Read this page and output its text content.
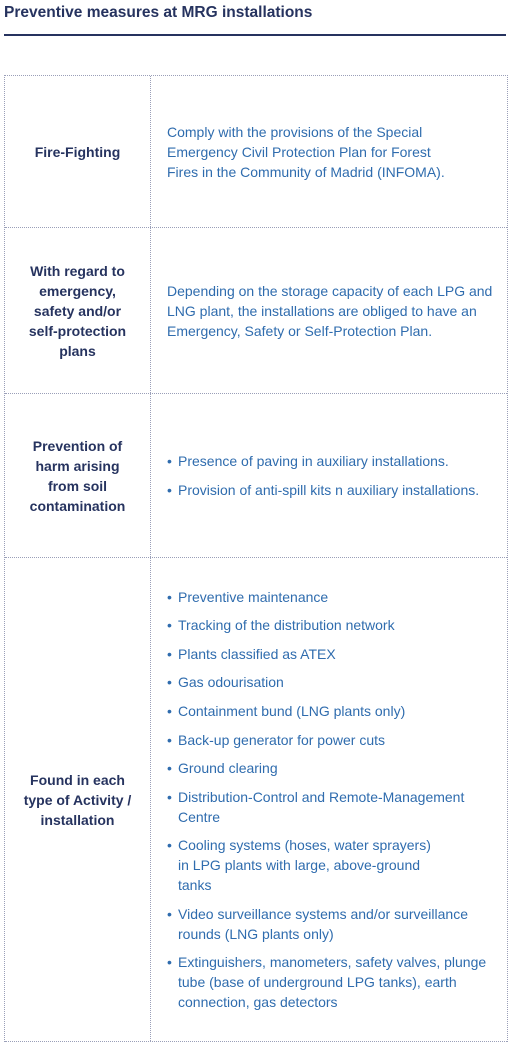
Preventive measures at MRG installations
Fire-Fighting

Comply with the provisions of the Special Emergency Civil Protection Plan for Forest Fires in the Community of Madrid (INFOMA).

With regard to emergency, safety and/or self-protection plans

Depending on the storage capacity of each LPG and LNG plant, the installations are obliged to have an Emergency, Safety or Self-Protection Plan.

Prevention of harm arising from soil contamination
• Presence of paving in auxiliary installations.
• Provision of anti-spill kits n auxiliary installations.
Found in each type of Activity / installation
• Preventive maintenance
• Tracking of the distribution network
• Plants classified as ATEX
• Gas odourisation
• Containment bund (LNG plants only)
• Back-up generator for power cuts
• Ground clearing
• Distribution-Control and Remote-Management Centre
• Cooling systems (hoses, water sprayers) in LPG plants with large, above-ground tanks
• Video surveillance systems and/or surveillance rounds (LNG plants only)
• Extinguishers, manometers, safety valves, plunge tube (base of underground LPG tanks), earth connection, gas detectors
